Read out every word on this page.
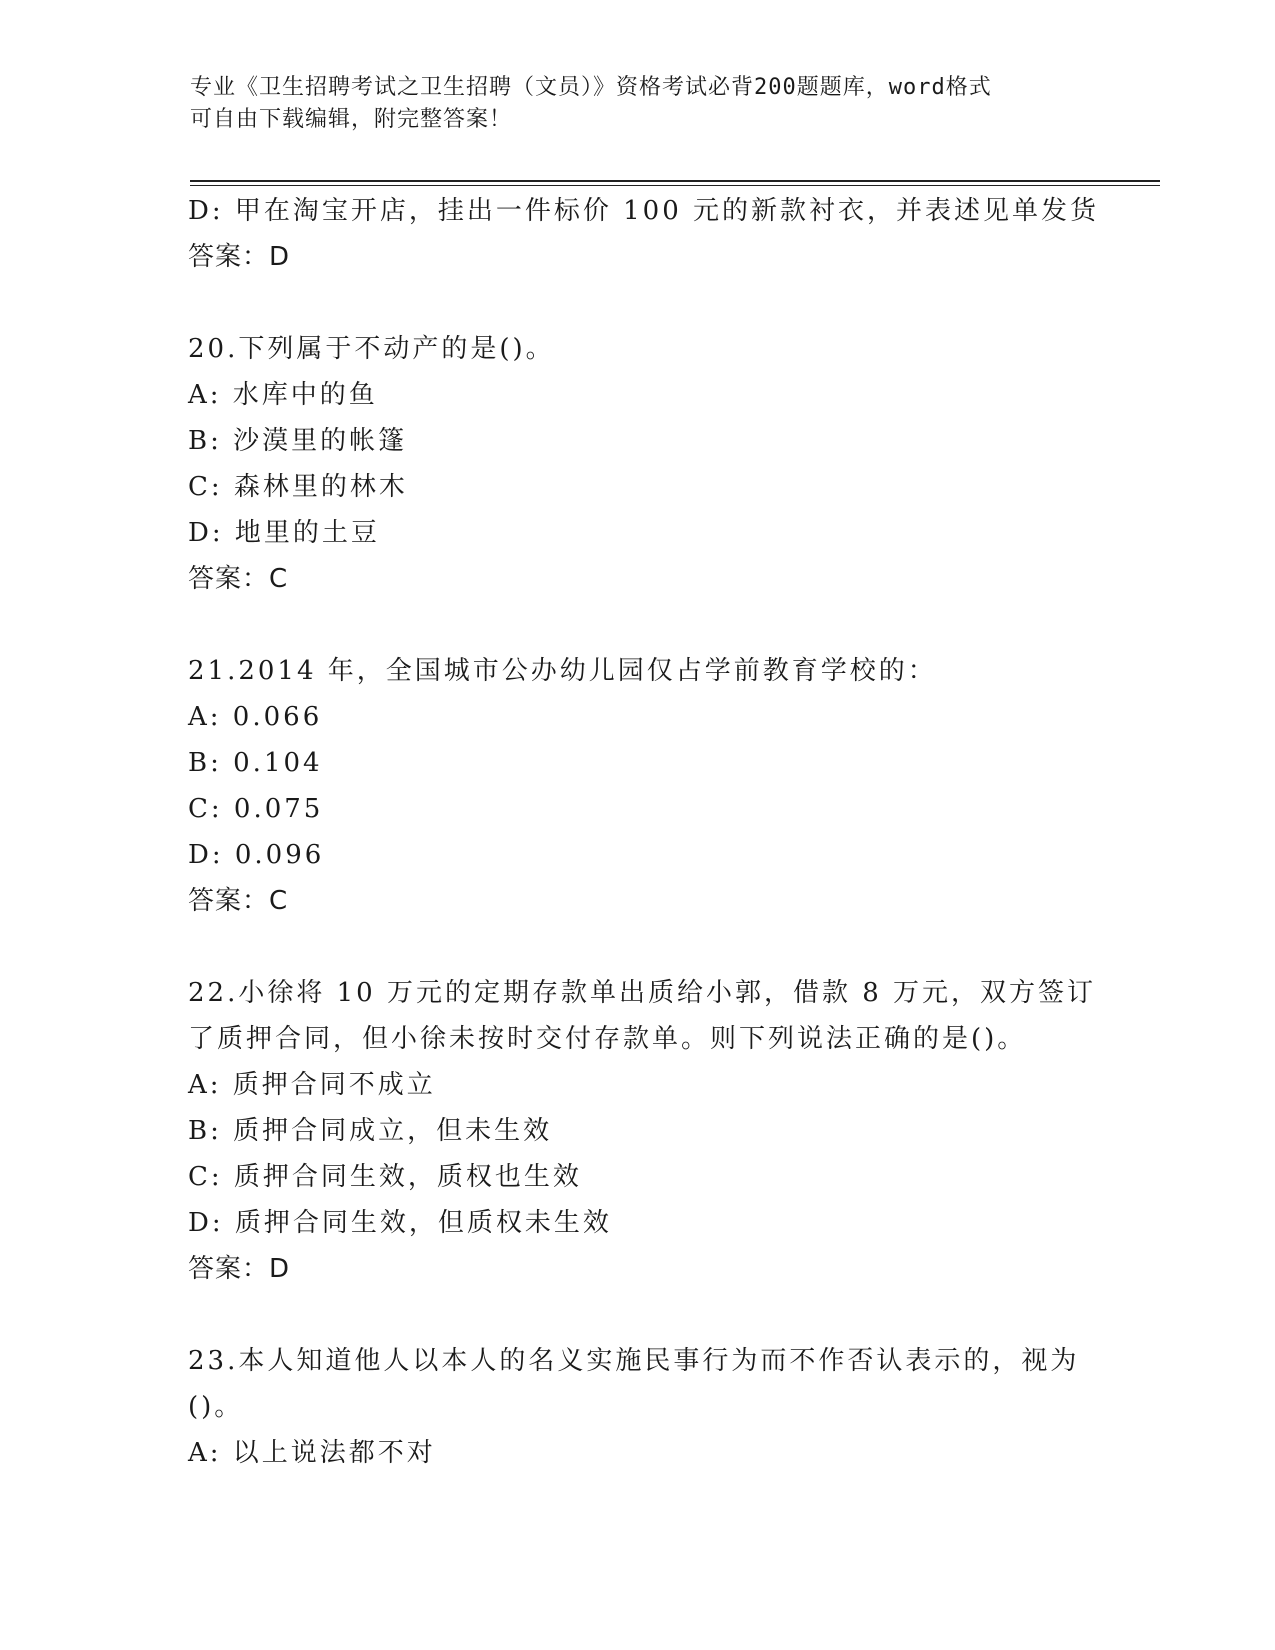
专业《卫生招聘考试之卫生招聘（文员）》资格考试必背200题题库，word格式
可自由下载编辑，附完整答案！
D: 甲在淘宝开店，挂出一件标价 100 元的新款衬衣，并表述见单发货
答案：D
20.下列属于不动产的是()。
A: 水库中的鱼
B: 沙漠里的帐篷
C: 森林里的林木
D: 地里的土豆
答案：C
21.2014 年，全国城市公办幼儿园仅占学前教育学校的：
A: 0.066
B: 0.104
C: 0.075
D: 0.096
答案：C
22.小徐将 10 万元的定期存款单出质给小郭，借款 8 万元，双方签订
了质押合同，但小徐未按时交付存款单。则下列说法正确的是()。
A: 质押合同不成立
B: 质押合同成立，但未生效
C: 质押合同生效，质权也生效
D: 质押合同生效，但质权未生效
答案：D
23.本人知道他人以本人的名义实施民事行为而不作否认表示的，视为
()。
A: 以上说法都不对
